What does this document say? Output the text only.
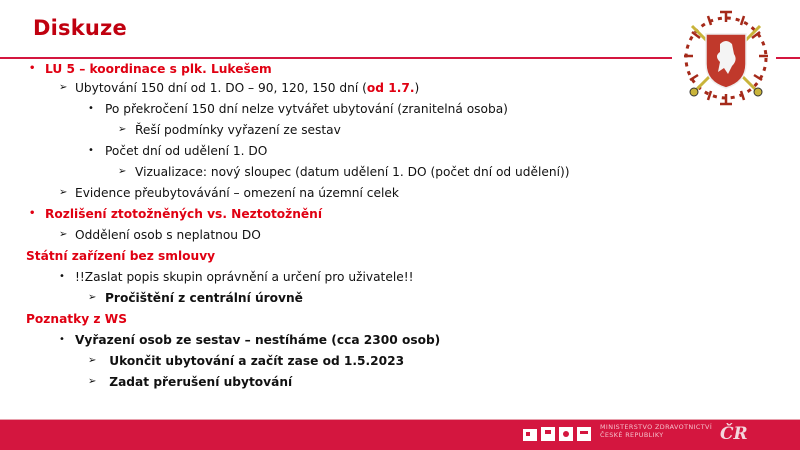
Diskuze
• LU 5 – koordinace s plk. Lukešem
➢ Ubytování 150 dní od 1. DO – 90, 120, 150 dní (od 1.7.)
• Po překročení 150 dní nelze vytvářet ubytování (zranitelná osoba)
➢ Řeší podmínky vyřazení ze sestav
• Počet dní od udělení 1. DO
➢ Vizualizace: nový sloupec (datum udělení 1. DO (počet dní od udělení))
➢ Evidence přeubytovávání – omezení na územní celek
• Rozlišení ztotožněných vs. Neztotožnění
➢ Oddělení osob s neplatnou DO
Státní zařízení bez smlouvy
• !!Zaslat popis skupin oprávnění a určení pro uživatele!!
➢ Pročištění z centrální úrovně
Poznatky z WS
• Vyřazení osob ze sestav – nestíháme (cca 2300 osob)
➢ Ukončit ubytování a začít zase od 1.5.2023
➢ Zadat přerušení ubytování
MINISTERSTVO ZDRAVOTNICTVÍ
ČESKÉ REPUBLIKY	ČR
